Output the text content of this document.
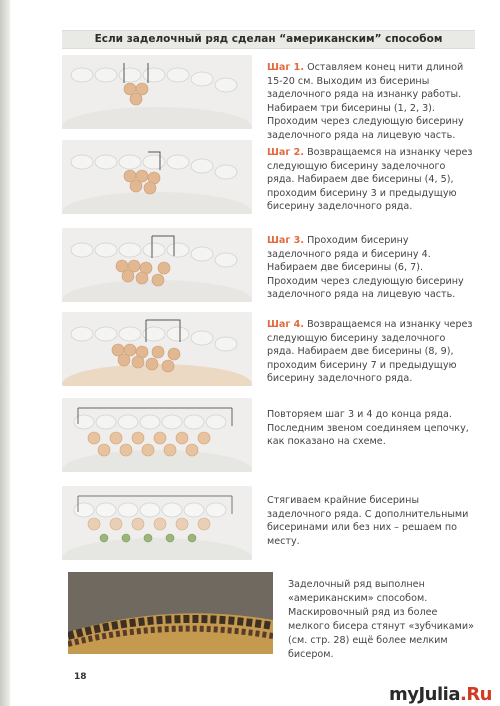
Если заделочный ряд сделан “американским” способом
Шаг 1. Оставляем конец нити длиной 15-20 см. Выходим из бисерины заделочного ряда на изнанку работы. Набираем три бисерины (1, 2, 3). Проходим через следующую бисерину заделочного ряда на лицевую часть.
Шаг 2. Возвращаемся на изнанку через следующую бисерину заделочного ряда. Набираем две бисерины (4, 5), проходим бисерину 3 и предыдущую бисерину заделочного ряда.
Шаг 3. Проходим бисерину заделочного ряда и бисерину 4. Набираем две бисерины (6, 7). Проходим через следующую бисерину заделочного ряда на лицевую часть.
Шаг 4. Возвращаемся на изнанку через следующую бисерину заделочного ряда. Набираем две бисерины (8, 9), проходим бисерину 7 и предыдущую бисерину заделочного ряда.
Повторяем шаг 3 и 4 до конца ряда. Последним звеном соединяем цепочку, как показано на схеме.
Стягиваем крайние бисерины заделочного ряда. С дополнительными бисеринами или без них – решаем по месту.
Заделочный ряд выполнен «американским» способом. Маскировочный ряд из более мелкого бисера стянут «зубчиками» (см. стр. 28) ещё более мелким бисером.
18
myJulia.Ru
